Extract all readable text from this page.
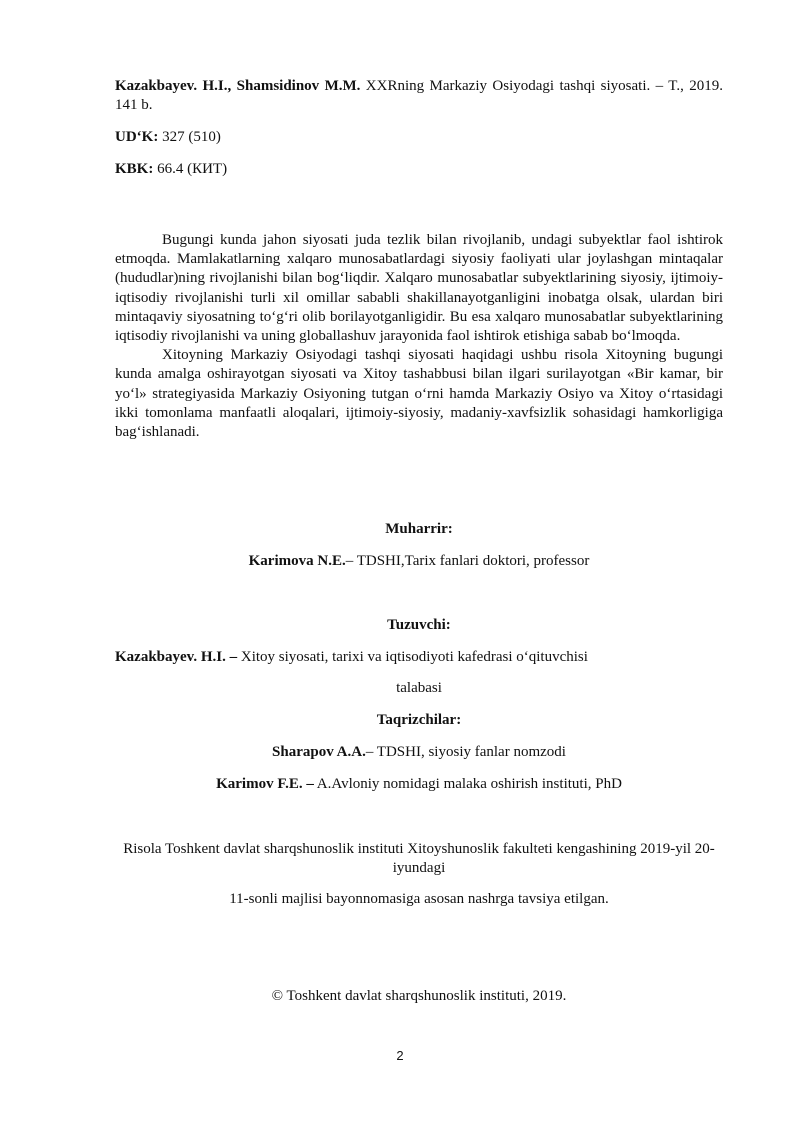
Kazakbayev. H.I., Shamsidinov M.M. XXRning Markaziy Osiyodagi tashqi siyosati. – T., 2019. 141 b.
UD‘K: 327 (510)
KBK: 66.4 (КИТ)
Bugungi kunda jahon siyosati juda tezlik bilan rivojlanib, undagi subyektlar faol ishtirok etmoqda. Mamlakatlarning xalqaro munosabatlardagi siyosiy faoliyati ular joylashgan mintaqalar (hududlar)ning rivojlanishi bilan bog‘liqdir. Xalqaro munosabatlar subyektlarining siyosiy, ijtimoiy-iqtisodiy rivojlanishi turli xil omillar sababli shakillanayotganligini inobatga olsak, ulardan biri mintaqaviy siyosatning to‘g‘ri olib borilayotganligidir. Bu esa xalqaro munosabatlar subyektlarining iqtisodiy rivojlanishi va uning globallashuv jarayonida faol ishtirok etishiga sabab bo‘lmoqda.
Xitoyning Markaziy Osiyodagi tashqi siyosati haqidagi ushbu risola Xitoyning bugungi kunda amalga oshirayotgan siyosati va Xitoy tashabbusi bilan ilgari surilayotgan «Bir kamar, bir yo‘l» strategiyasida Markaziy Osiyoning tutgan o‘rni hamda Markaziy Osiyo va Xitoy o‘rtasidagi ikki tomonlama manfaatli aloqalari, ijtimoiy-siyosiy, madaniy-xavfsizlik sohasidagi hamkorligiga bag‘ishlanadi.
Muharrir:
Karimova N.E.– TDSHI,Tarix fanlari doktori, professor
Tuzuvchi:
Kazakbayev. H.I. – Xitoy siyosati, tarixi va iqtisodiyoti kafedrasi o‘qituvchisi
talabasi
Taqrizchilar:
Sharapov A.A.– TDSHI, siyosiy fanlar nomzodi
Karimov F.E. – A.Avloniy nomidagi malaka oshirish instituti, PhD
Risola Toshkent davlat sharqshunoslik instituti Xitoyshunoslik fakulteti kengashining 2019-yil 20-iyundagi
11-sonli majlisi bayonnomasiga asosan nashrga tavsiya etilgan.
© Toshkent davlat sharqshunoslik instituti, 2019.
2
